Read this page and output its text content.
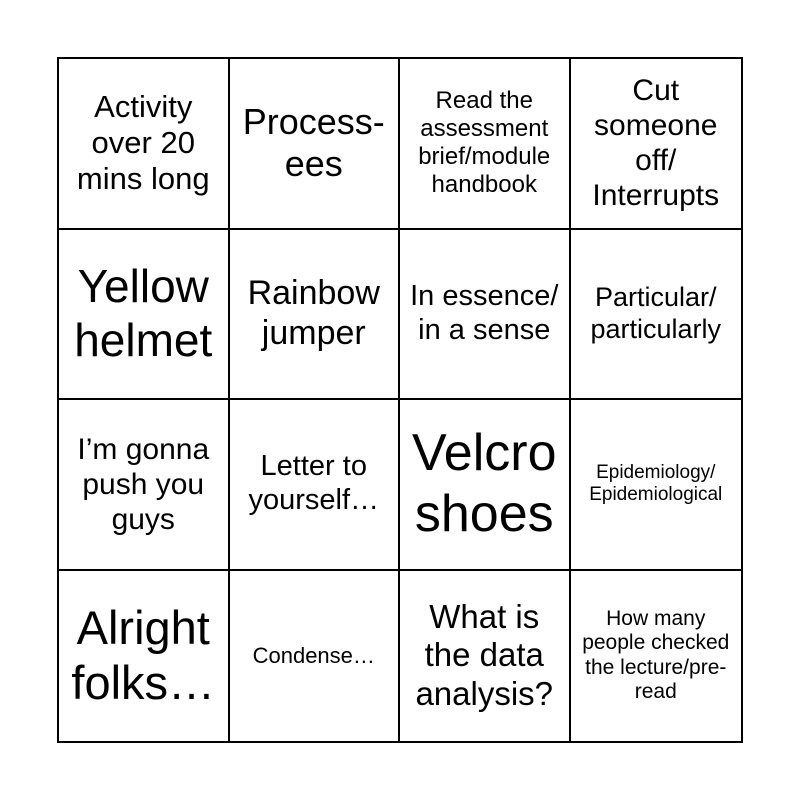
Activity over 20 mins long
Process-ees
Read the assessment brief/module handbook
Cut someone off/ Interrupts
Yellow helmet
Rainbow jumper
In essence/ in a sense
Particular/ particularly
I’m gonna push you guys
Letter to yourself…
Velcro shoes
Epidemiology/ Epidemiological
Alright folks…
Condense…
What is the data analysis?
How many people checked the lecture/pre-read
